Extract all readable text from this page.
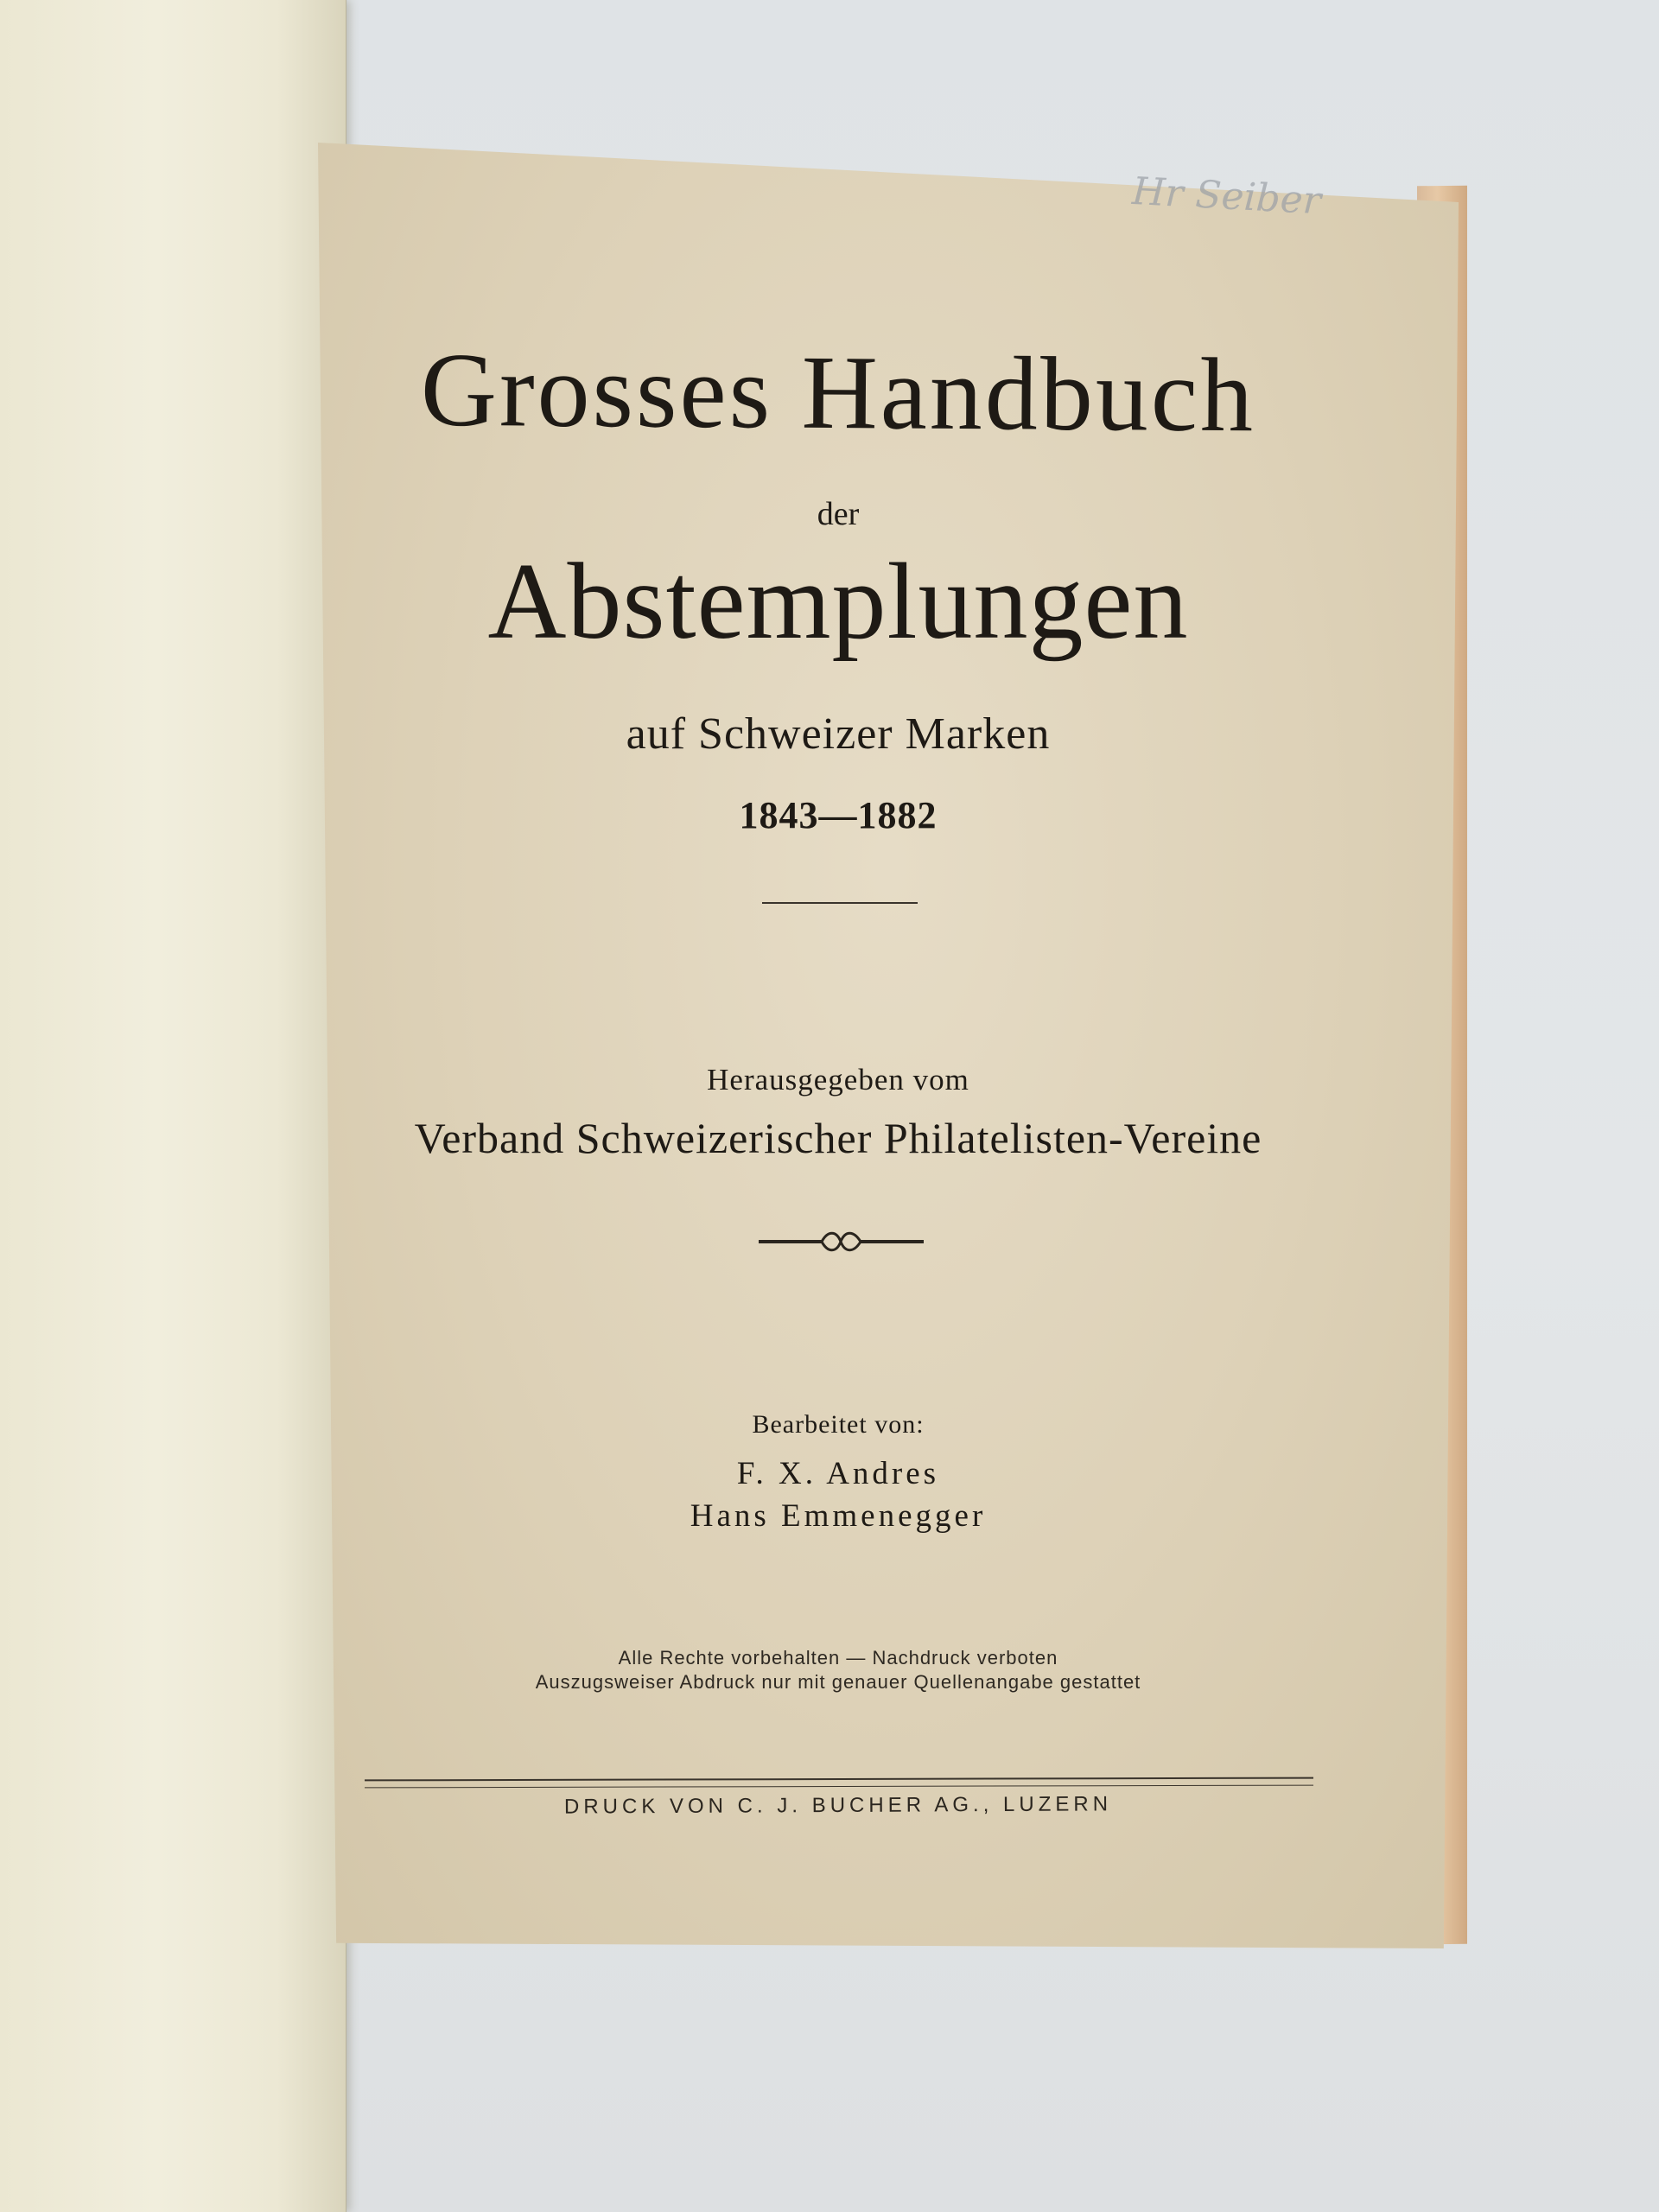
Hr Seiber
Grosses Handbuch
der
Abstemplungen
auf Schweizer Marken
1843—1882
Herausgegeben vom
Verband Schweizerischer Philatelisten-Vereine
Bearbeitet von:
F. X. Andres
Hans Emmenegger
Alle Rechte vorbehalten — Nachdruck verboten
Auszugsweiser Abdruck nur mit genauer Quellenangabe gestattet
DRUCK VON C. J. BUCHER AG., LUZERN
